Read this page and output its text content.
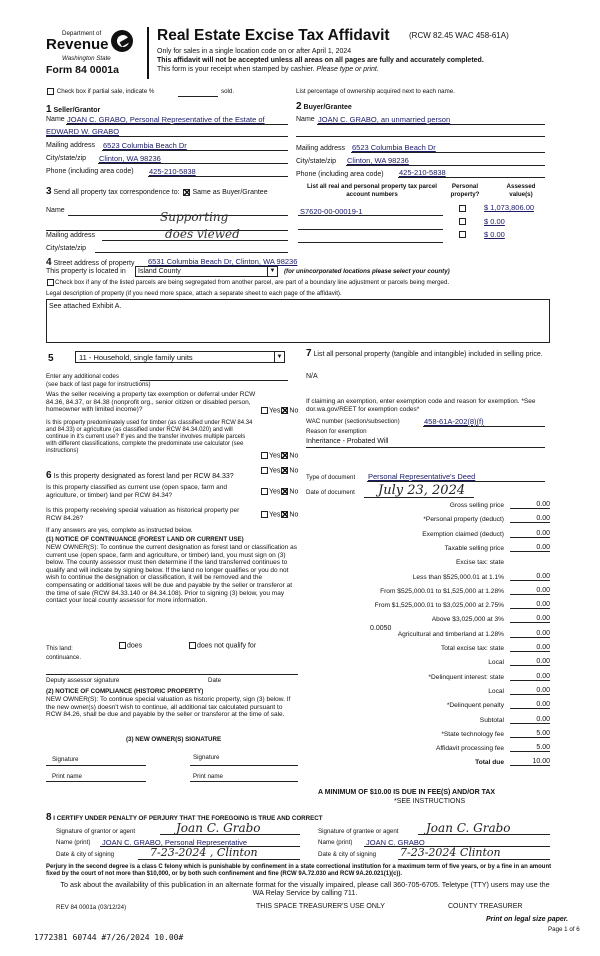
Department of
Revenue
Washington State
Form 84 0001a
Real Estate Excise Tax Affidavit (RCW 82.45 WAC 458-61A)
Only for sales in a single location code on or after April 1, 2024
This affidavit will not be accepted unless all areas on all pages are fully and accurately completed.
This form is your receipt when stamped by cashier. Please type or print.
Check box if partial sale, indicate %	sold.	List percentage of ownership acquired next to each name.
1 Seller/Grantor
Name JOAN C. GRABO, Personal Representative of the Estate of
EDWARD W. GRABO
Mailing address 6523 Columbia Beach Dr
City/state/zip Clinton, WA 98236
Phone (including area code) 425-210-5838
2 Buyer/Grantee
Name JOAN C. GRABO, an unmarried person
Mailing address 6523 Columbia Beach Dr
City/state/zip Clinton, WA 98236
Phone (including area code) 425-210-5838
3 Send all property tax correspondence to: Same as Buyer/Grantee
Name	Supporting
Mailing address	does viewed
City/state/zip
List all real and personal property tax parcel account numbers
Personal property?
Assessed value(s)
S7620-00-00019-1	$ 1,073,806.00
$ 0.00
$ 0.00
4 Street address of property 6531 Columbia Beach Dr, Clinton, WA 98236
This property is located in Island County	▼ (for unincorporated locations please select your county)
Check box if any of the listed parcels are being segregated from another parcel, are part of a boundary line adjustment or parcels being merged.
Legal description of property (if you need more space, attach a separate sheet to each page of the affidavit).
See attached Exhibit A.
5	11 - Household, single family units	▼
Enter any additional codes
(see back of last page for instructions)
Was the seller receiving a property tax exemption or deferral under RCW 84.36, 84.37, or 84.38 (nonprofit org., senior citizen or disabled person, homeowner with limited income)?	Yes No
Is this property predominately used for timber (as classified under RCW 84.34 and 84.33) or agriculture (as classified under RCW 84.34.020) and will continue in it's current use? If yes and the transfer involves multiple parcels with different classifications, complete the predominate use calculator (see instructions)
Yes No
6 Is this property designated as forest land per RCW 84.33?
Yes No
Is this property classified as current use (open space, farm and agriculture, or timber) land per RCW 84.34?	Yes No
Is this property receiving special valuation as historical property per RCW 84.26?	Yes No
If any answers are yes, complete as instructed below.
(1) NOTICE OF CONTINUANCE (FOREST LAND OR CURRENT USE)
NEW OWNER(S): To continue the current designation as forest land or classification as current use (open space, farm and agriculture, or timber) land, you must sign on (3) below. The county assessor must then determine if the land transferred continues to qualify and will indicate by signing below. If the land no longer qualifies or you do not wish to continue the designation or classification, it will be removed and the compensating or additional taxes will be due and payable by the seller or transferor at the time of sale (RCW 84.33.140 or 84.34.108). Prior to signing (3) below, you may contact your local county assessor for more information.
This land:
continuance.
does	does not qualify for
Deputy assessor signature	Date
(2) NOTICE OF COMPLIANCE (HISTORIC PROPERTY)
NEW OWNER(S): To continue special valuation as historic property, sign (3) below. If the new owner(s) doesn't wish to continue, all additional tax calculated pursuant to RCW 84.26, shall be due and payable by the seller or transferor at the time of sale.
(3) NEW OWNER(S) SIGNATURE
Signature	Signature
Print name	Print name
7 List all personal property (tangible and intangible) included in selling price.
N/A
If claiming an exemption, enter exemption code and reason for exemption. *See dor.wa.gov/REET for exemption codes*
WAC number (section/subsection)	458-61A-202(8)(f)
Reason for exemption
Inheritance - Probated Will
Type of document Personal Representative's Deed
Date of document July 23, 2024
Gross selling price	0.00
*Personal property (deduct)	0.00
Exemption claimed (deduct)	0.00
Taxable selling price	0.00
Excise tax: state
Less than $525,000.01 at 1.1%	0.00
From $525,000.01 to $1,525,000 at 1.28%	0.00
From $1,525,000.01 to $3,025,000 at 2.75%	0.00
Above $3,025,000 at 3%	0.00
Agricultural and timberland at 1.28%	0.00
Total excise tax: state	0.00
Local	0.00
*Delinquent interest: state	0.00
Local	0.00
*Delinquent penalty	0.00
Subtotal	0.00
*State technology fee	5.00
Affidavit processing fee	5.00
Total due	10.00
0.0050
A MINIMUM OF $10.00 IS DUE IN FEE(S) AND/OR TAX
*SEE INSTRUCTIONS
8 I CERTIFY UNDER PENALTY OF PERJURY THAT THE FOREGOING IS TRUE AND CORRECT
Signature of grantor or agent	Joan C. Grabo
Name (print) JOAN C. GRABO, Personal Representative
Date & city of signing	7-23-2024 , Clinton
Signature of grantee or agent Joan C. Grabo
Name (print) JOAN C. GRABO
Date & city of signing 7-23-2024 Clinton
Perjury in the second degree is a class C felony which is punishable by confinement in a state correctional institution for a maximum term of five years, or by a fine in an amount fixed by the court of not more than $10,000, or by both such confinement and fine (RCW 9A.72.030 and RCW 9A.20.021(1)(c)).
To ask about the availability of this publication in an alternate format for the visually impaired, please call 360-705-6705. Teletype (TTY) users may use the WA Relay Service by calling 711.
REV 84 0001a (03/12/24)	THIS SPACE TREASURER'S USE ONLY	COUNTY TREASURER
Print on legal size paper.
Page 1 of 6
1772381 60744 #7/26/2024 10.00#
